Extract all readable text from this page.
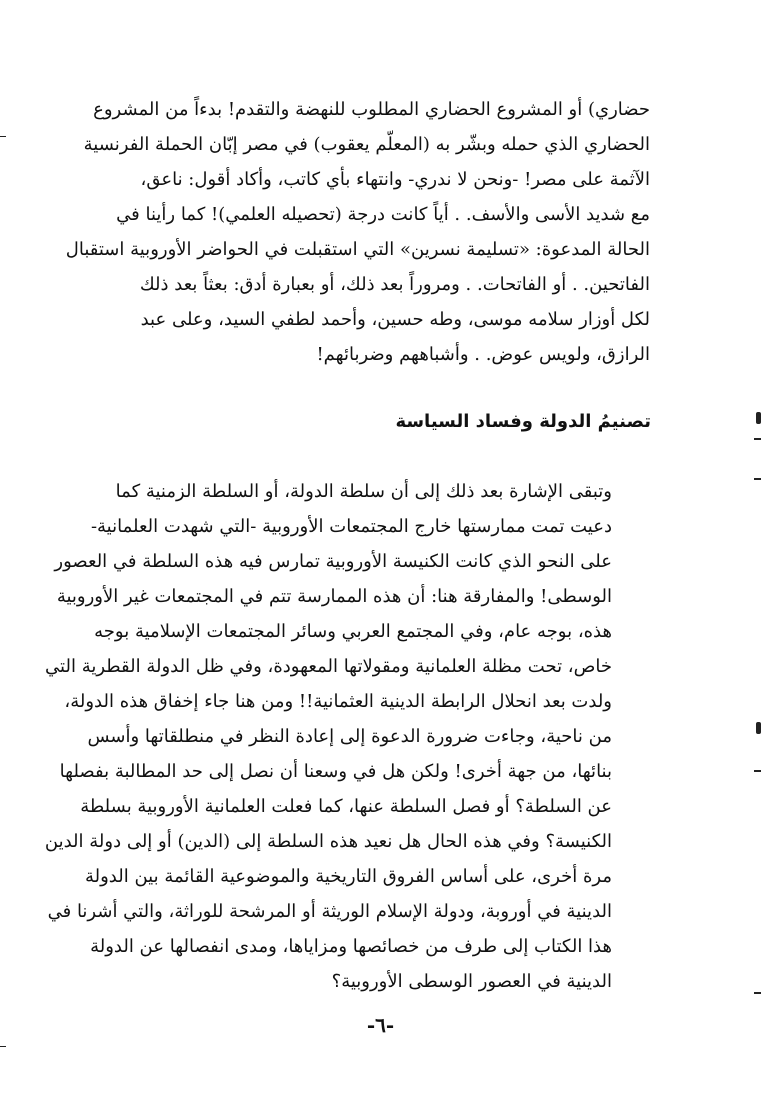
حضاري) أو المشروع الحضاري المطلوب للنهضة والتقدم! بدءاً من المشروع
الحضاري الذي حمله وبشّر به (المعلّم يعقوب) في مصر إبّان الحملة الفرنسية
الآثمة على مصر! -ونحن لا ندري- وانتهاء بأي كاتب، وأكاد أقول: ناعق،
مع شديد الأسى والأسف. . أياً كانت درجة (تحصيله العلمي)! كما رأينا في
الحالة المدعوة: «تسليمة نسرين» التي استقبلت في الحواضر الأوروبية استقبال
الفاتحين. . أو الفاتحات. . ومروراً بعد ذلك، أو بعبارة أدق: بعثاً بعد ذلك
لكل أوزار سلامه موسى، وطه حسين، وأحمد لطفي السيد، وعلى عبد
الرازق، ولويس عوض. . وأشباههم وضربائهم!
تصنيمُ الدولة وفساد السياسة
وتبقى الإشارة بعد ذلك إلى أن سلطة الدولة، أو السلطة الزمنية كما
دعيت تمت ممارستها خارج المجتمعات الأوروبية -التي شهدت العلمانية-
على النحو الذي كانت الكنيسة الأوروبية تمارس فيه هذه السلطة في العصور
الوسطى! والمفارقة هنا: أن هذه الممارسة تتم في المجتمعات غير الأوروبية
هذه، بوجه عام، وفي المجتمع العربي وسائر المجتمعات الإسلامية بوجه
خاص، تحت مظلة العلمانية ومقولاتها المعهودة، وفي ظل الدولة القطرية التي
ولدت بعد انحلال الرابطة الدينية العثمانية!! ومن هنا جاء إخفاق هذه الدولة،
من ناحية، وجاءت ضرورة الدعوة إلى إعادة النظر في منطلقاتها وأسس
بنائها، من جهة أخرى! ولكن هل في وسعنا أن نصل إلى حد المطالبة بفصلها
عن السلطة؟ أو فصل السلطة عنها، كما فعلت العلمانية الأوروبية بسلطة
الكنيسة؟ وفي هذه الحال هل نعيد هذه السلطة إلى (الدين) أو إلى دولة الدين
مرة أخرى، على أساس الفروق التاريخية والموضوعية القائمة بين الدولة
الدينية في أوروبة، ودولة الإسلام الوريثة أو المرشحة للوراثة، والتي أشرنا في
هذا الكتاب إلى طرف من خصائصها ومزاياها، ومدى انفصالها عن الدولة
الدينية في العصور الوسطى الأوروبية؟
-٦-
